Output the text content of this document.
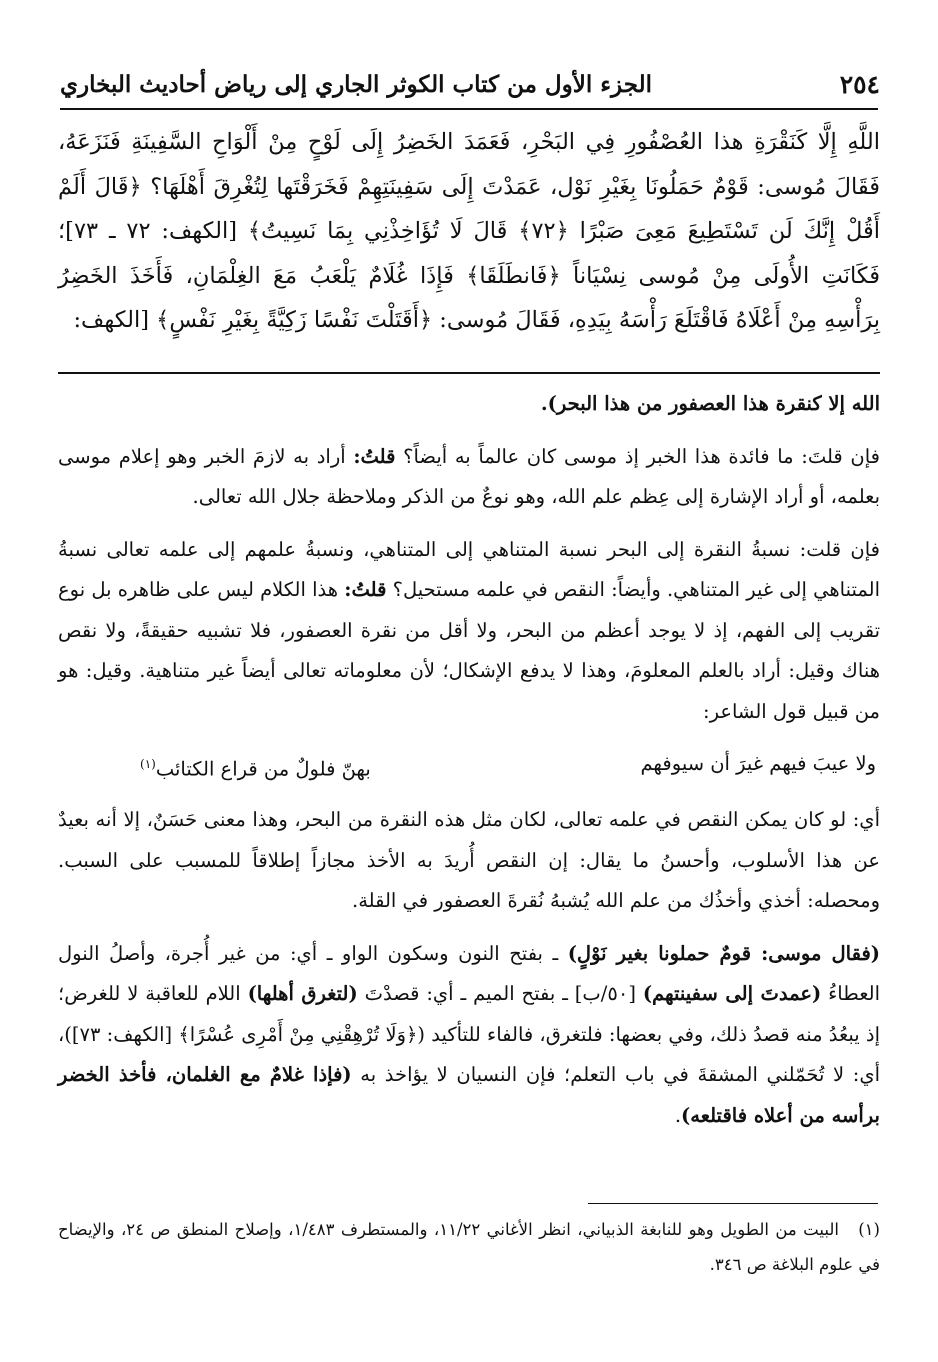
٢٥٤
الجزء الأول من كتاب الكوثر الجاري إلى رياض أحاديث البخاري

اللَّهِ إِلَّا كَنَقْرَةِ هذا العُصْفُورِ فِي البَحْرِ، فَعَمَدَ الخَضِرُ إِلَى لَوْحٍ مِنْ أَلْوَاحِ السَّفِينَةِ فَنَزَعَهُ، فَقَالَ مُوسى: قَوْمٌ حَمَلُونَا بِغَيْرِ نَوْل، عَمَدْتَ إِلَى سَفِينَتِهِمْ فَخَرَقْتَها لِتُغْرِقَ أَهْلَهَا؟ ﴿قَالَ أَلَمْ أَقُلْ إِنَّكَ لَن تَسْتَطِيعَ مَعِىَ صَبْرًا ﴿٧٢﴾ قَالَ لَا تُؤَاخِذْنِي بِمَا نَسِيتُ﴾ [الكهف: ٧٢ ـ ٧٣]؛ فَكَانَتِ الأُولَى مِنْ مُوسى نِسْيَاناً ﴿فَانطَلَقَا﴾ فَإِذَا غُلَامٌ يَلْعَبُ مَعَ الغِلْمَانِ، فَأَخَذَ الخَضِرُ بِرَأْسِهِ مِنْ أَعْلَاهُ فَاقْتَلَعَ رَأْسَهُ بِيَدِهِ، فَقَالَ مُوسى: ﴿أَقَتَلْتَ نَفْسًا زَكِيَّةً بِغَيْرِ نَفْسٍ﴾ [الكهف:

الله إلا كنقرة هذا العصفور من هذا البحر).

فإن قلتَ: ما فائدة هذا الخبر إذ موسى كان عالماً به أيضاً؟ قلتُ: أراد به لازمَ الخبر وهو إعلام موسى بعلمه، أو أراد الإشارة إلى عِظم علم الله، وهو نوعٌ من الذكر وملاحظة جلال الله تعالى.

فإن قلت: نسبةُ النقرة إلى البحر نسبة المتناهي إلى المتناهي، ونسبةُ علمهم إلى علمه تعالى نسبةُ المتناهي إلى غير المتناهي. وأيضاً: النقص في علمه مستحيل؟ قلتُ: هذا الكلام ليس على ظاهره بل نوع تقريب إلى الفهم، إذ لا يوجد أعظم من البحر، ولا أقل من نقرة العصفور، فلا تشبيه حقيقةً، ولا نقص هناك وقيل: أراد بالعلم المعلومَ، وهذا لا يدفع الإشكال؛ لأن معلوماته تعالى أيضاً غير متناهية. وقيل: هو من قبيل قول الشاعر:

ولا عيبَ فيهم غيرَ أن سيوفهم
بهنّ فلولٌ من قراع الكتائب$^{(١)}$

أي: لو كان يمكن النقص في علمه تعالى، لكان مثل هذه النقرة من البحر، وهذا معنى حَسَنٌ، إلا أنه بعيدٌ عن هذا الأسلوب، وأحسنُ ما يقال: إن النقص أُريدَ به الأخذ مجازاً إطلاقاً للمسبب على السبب. ومحصله: أخذي وأخذُك من علم الله يُشبهُ نُقرةَ العصفور في القلة.

(فقال موسى: قومٌ حملونا بغير نَوْلٍ) ـ بفتح النون وسكون الواو ـ أي: من غير أُجرة، وأصلُ النول العطاءُ (عمدتَ إلى سفينتهم) [٥٠/ب] ـ بفتح الميم ـ أي: قصدْتَ (لتغرق أهلها) اللام للعاقبة لا للغرض؛ إذ يبعُدُ منه قصدُ ذلك، وفي بعضها: فلتغرق، فالفاء للتأكيد (﴿وَلَا تُرْهِقْنِي مِنْ أَمْرِى عُسْرًا﴾ [الكهف: ٧٣])، أي: لا تُحَمّلني المشقةَ في باب التعلم؛ فإن النسيان لا يؤاخذ به (فإذا غلامٌ مع الغلمان، فأخذ الخضر برأسه من أعلاه فاقتلعه).

(١)   البيت من الطويل وهو للنابغة الذبياني، انظر الأغاني ١١/٢٢، والمستطرف ١/٤٨٣، وإصلاح المنطق ص ٢٤، والإيضاح في علوم البلاغة ص ٣٤٦.
